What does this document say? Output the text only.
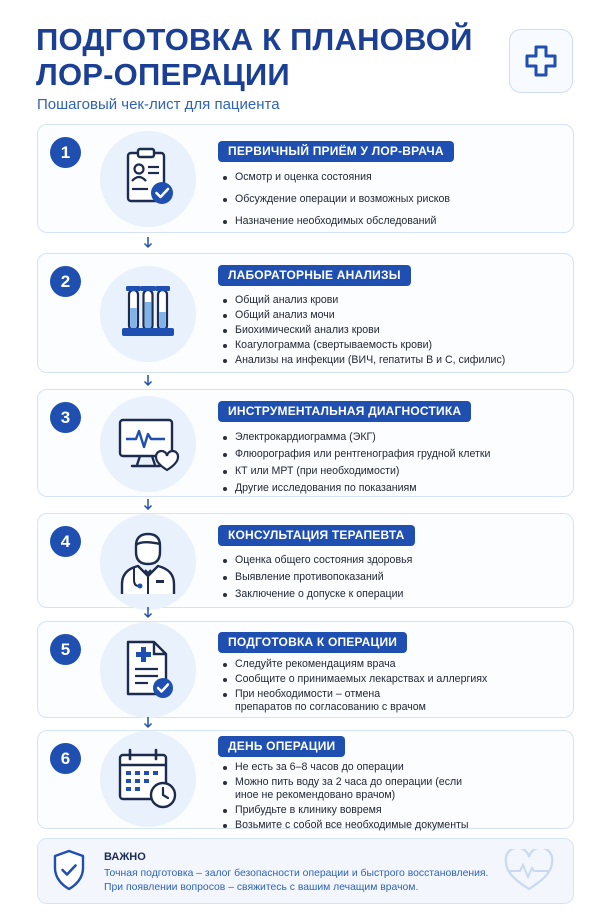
ПОДГОТОВКА К ПЛАНОВОЙ
ЛОР-ОПЕРАЦИИ
Пошаговый чек-лист для пациента
1	ПЕРВИЧНЫЙ ПРИЁМ У ЛОР-ВРАЧА
Осмотр и оценка состояния
Обсуждение операции и возможных рисков
Назначение необходимых обследований
2	ЛАБОРАТОРНЫЕ АНАЛИЗЫ
Общий анализ крови
Общий анализ мочи
Биохимический анализ крови
Коагулограмма (свертываемость крови)
Анализы на инфекции (ВИЧ, гепатиты B и C, сифилис)
3	ИНСТРУМЕНТАЛЬНАЯ ДИАГНОСТИКА
Электрокардиограмма (ЭКГ)
Флюорография или рентгенография грудной клетки
КТ или МРТ (при необходимости)
Другие исследования по показаниям
4	КОНСУЛЬТАЦИЯ ТЕРАПЕВТА
Оценка общего состояния здоровья
Выявление противопоказаний
Заключение о допуске к операции
5	ПОДГОТОВКА К ОПЕРАЦИИ
Следуйте рекомендациям врача
Сообщите о принимаемых лекарствах и аллергиях
При необходимости – отмена препаратов по согласованию с врачом
6
ДЕНЬ ОПЕРАЦИИ
Не есть за 6–8 часов до операции
Можно пить воду за 2 часа до операции (если иное не рекомендовано врачом)
Прибудьте в клинику вовремя
Возьмите с собой все необходимые документы
ВАЖНО
Точная подготовка – залог безопасности операции и быстрого восстановления.
При появлении вопросов – свяжитесь с вашим лечащим врачом.
